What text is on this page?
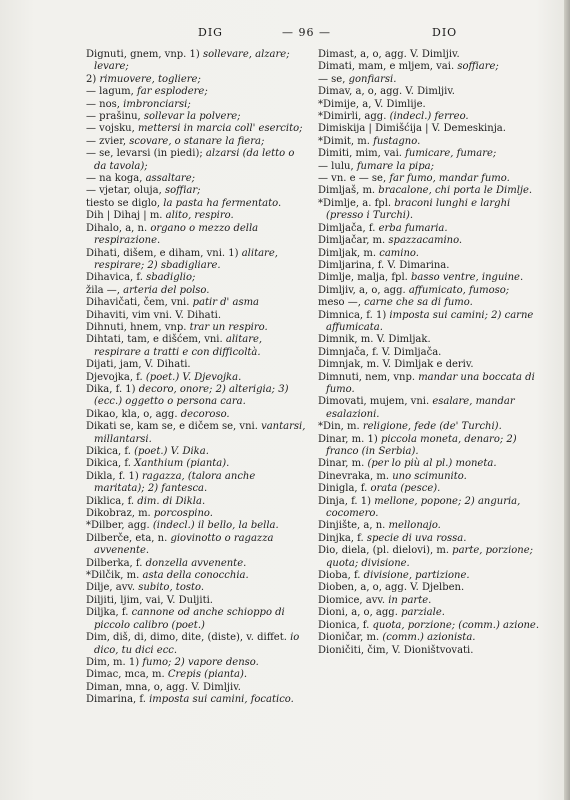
DIG	— 96 —	DIO
Dignuti, gnem, vnp. 1) sollevare, alzare; levare;
2) rimuovere, togliere;
— lagum, far esplodere;
— nos, imbronciarsi;
— prašinu, sollevar la polvere;
— vojsku, mettersi in marcia coll' esercito;
— zvier, scovare, o stanare la fiera;
— se, levarsi (in piedi); alzarsi (da letto o da tavola);
— na koga, assaltare;
— vjetar, oluja, soffiar;
tiesto se diglo, la pasta ha fermentato.
Dih | Dihaj | m. alito, respiro.
Dihalo, a, n. organo o mezzo della respirazione.
Dihati, dišem, e diham, vni. 1) alitare, respirare; 2) sbadigliare.
Dihavica, f. sbadiglio;
žila —, arteria del polso.
Dihavičati, čem, vni. patir d' asma
Dihaviti, vim vni. V. Dihati.
Dihnuti, hnem, vnp. trar un respiro.
Dihtati, tam, e dišćem, vni. alitare, respirare a tratti e con difficoltà.
Dijati, jam, V. Dihati.
Djevojka, f. (poet.) V. Djevojka.
Dika, f. 1) decoro, onore; 2) alterigia; 3) (ecc.) oggetto o persona cara.
Dikao, kla, o, agg. decoroso.
Dikati se, kam se, e dičem se, vni. vantarsi, millantarsi.
Dikica, f. (poet.) V. Dika.
Dikica, f. Xanthium (pianta).
Dikla, f. 1) ragazza, (talora anche maritata); 2) fantesca.
Diklica, f. dim. di Dikla.
Dikobraz, m. porcospino.
*Dilber, agg. (indecl.) il bello, la bella.
Dilberče, eta, n. giovinotto o ragazza avvenente.
Dilberka, f. donzella avvenente.
*Dilčik, m. asta della conocchia.
Dilje, avv. subito, tosto.
Diljiti, ljim, vai, V. Duljiti.
Diljka, f. cannone od anche schioppo di piccolo calibro (poet.)
Dim, diš, di, dimo, dite, (diste), v. diffet. io dico, tu dici ecc.
Dim, m. 1) fumo; 2) vapore denso.
Dimac, mca, m. Crepis (pianta).
Diman, mna, o, agg. V. Dimljiv.
Dimarina, f. imposta sui camini, focatico.
Dimast, a, o, agg. V. Dimljiv.
Dimati, mam, e mljem, vai. soffiare;
— se, gonfiarsi.
Dimav, a, o, agg. V. Dimljiv.
*Dimije, a, V. Dimlije.
*Dimirli, agg. (indecl.) ferreo.
Dimiskija | Dimišćija | V. Demeskinja.
*Dimit, m. fustagno.
Dimiti, mim, vai. fumicare, fumare;
— lulu, fumare la pipa;
— vn. e — se, far fumo, mandar fumo.
Dimljaš, m. bracalone, chi porta le Dimlje.
*Dimlje, a. fpl. braconi lunghi e larghi (presso i Turchi).
Dimljača, f. erba fumaria.
Dimljačar, m. spazzacamino.
Dimljak, m. camino.
Dimljarina, f. V. Dimarina.
Dimlje, malja, fpl. basso ventre, inguine.
Dimljiv, a, o, agg. affumicato, fumoso;
meso —, carne che sa di fumo.
Dimnica, f. 1) imposta sui camini; 2) carne affumicata.
Dimnik, m. V. Dimljak.
Dimnjača, f. V. Dimljača.
Dimnjak, m. V. Dimljak e deriv.
Dimnuti, nem, vnp. mandar una boccata di fumo.
Dimovati, mujem, vni. esalare, mandar esalazioni.
*Din, m. religione, fede (de' Turchi).
Dinar, m. 1) piccola moneta, denaro; 2) franco (in Serbia).
Dinar, m. (per lo più al pl.) moneta.
Dinevraka, m. uno scimunito.
Dinigla, f. orata (pesce).
Dinja, f. 1) mellone, popone; 2) anguria, cocomero.
Dinjište, a, n. mellonajo.
Dinjka, f. specie di uva rossa.
Dio, diela, (pl. dielovi), m. parte, porzione; quota; divisione.
Dioba, f. divisione, partizione.
Dioben, a, o, agg. V. Djelben.
Diomice, avv. in parte.
Dioni, a, o, agg. parziale.
Dionica, f. quota, porzione; (comm.) azione.
Dioničar, m. (comm.) azionista.
Dioničiti, čim, V. Dioništvovati.
